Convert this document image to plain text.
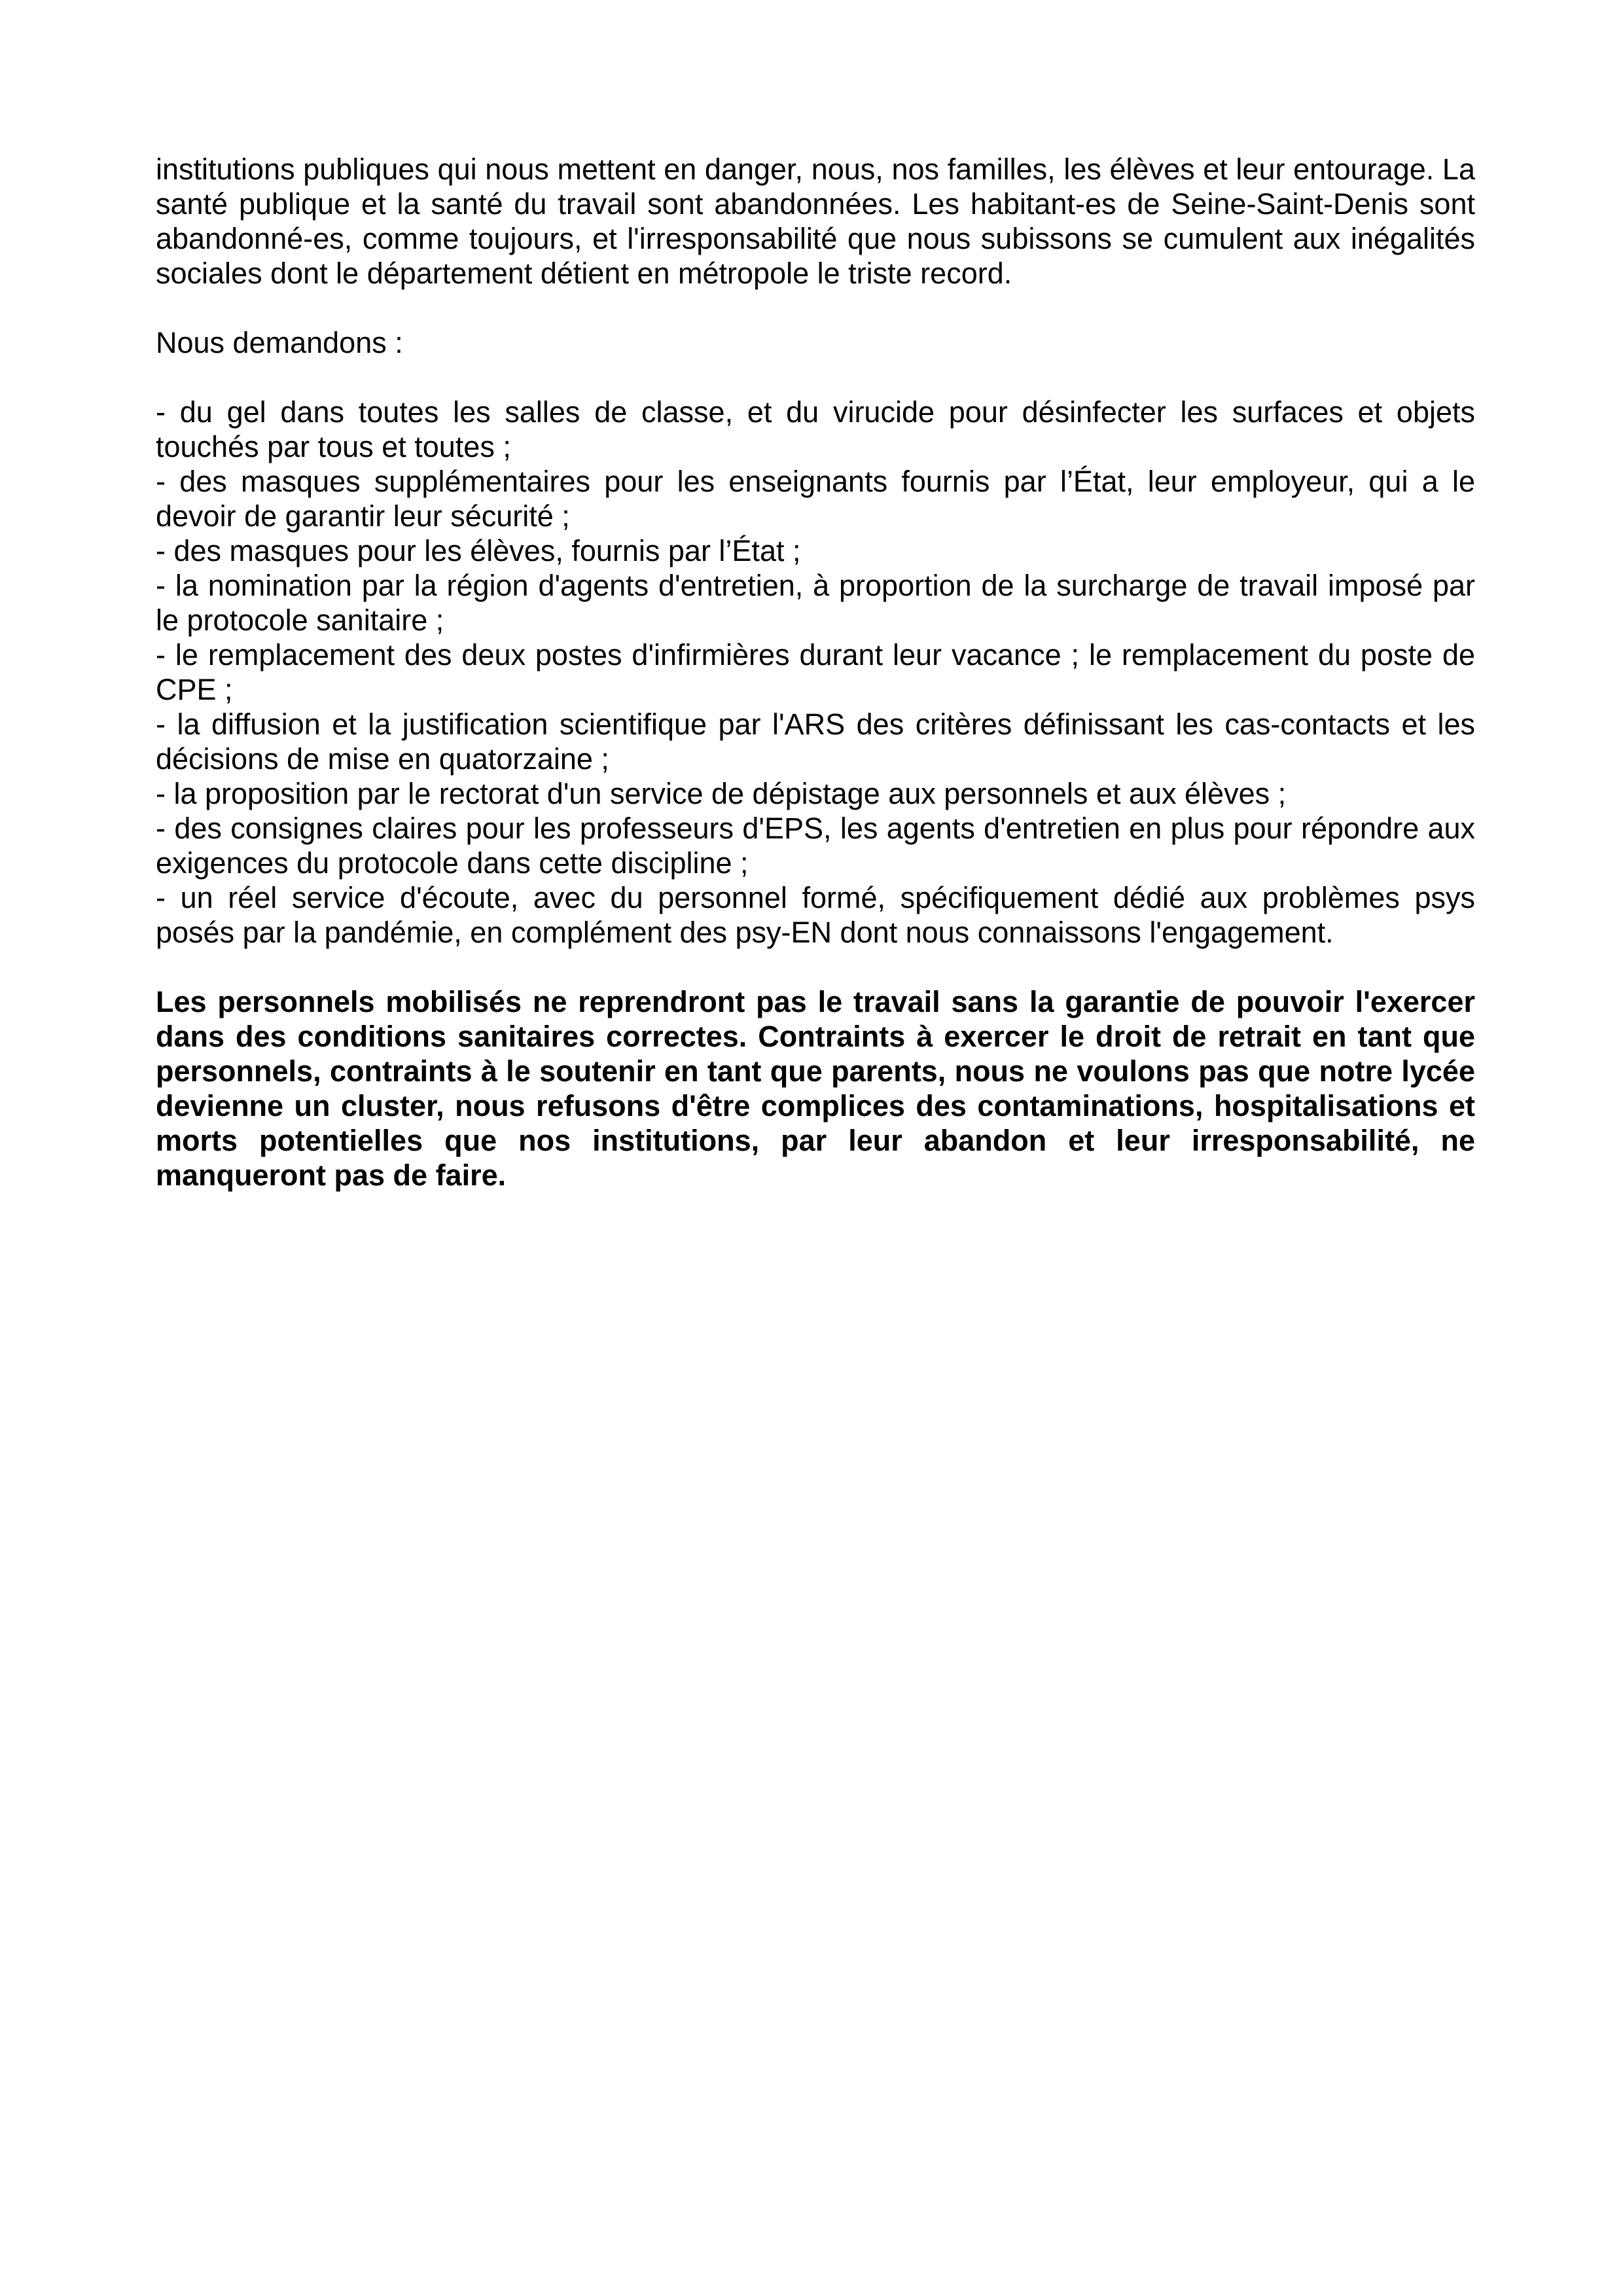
institutions publiques qui nous mettent en danger, nous, nos familles, les élèves et leur entourage. La santé publique et la santé du travail sont abandonnées. Les habitant-es de Seine-Saint-Denis sont abandonné-es, comme toujours, et l'irresponsabilité que nous subissons se cumulent aux inégalités sociales dont le département détient en métropole le triste record.

Nous demandons :

- du gel dans toutes les salles de classe, et du virucide pour désinfecter les surfaces et objets touchés par tous et toutes ;

- des masques supplémentaires pour les enseignants fournis par l’État, leur employeur, qui a le devoir de garantir leur sécurité ;

- des masques pour les élèves, fournis par l’État ;

- la nomination par la région d'agents d'entretien, à proportion de la surcharge de travail imposé par le protocole sanitaire ;

- le remplacement des deux postes d'infirmières durant leur vacance ; le remplacement du poste de CPE ;

- la diffusion et la justification scientifique par l'ARS des critères définissant les cas-contacts et les décisions de mise en quatorzaine ;

- la proposition par le rectorat d'un service de dépistage aux personnels et aux élèves ;

- des consignes claires pour les professeurs d'EPS, les agents d'entretien en plus pour répondre aux exigences du protocole dans cette discipline ;

- un réel service d'écoute, avec du personnel formé, spécifiquement dédié aux problèmes psys posés par la pandémie, en complément des psy-EN dont nous connaissons l'engagement.

Les personnels mobilisés ne reprendront pas le travail sans la garantie de pouvoir l'exercer dans des conditions sanitaires correctes. Contraints à exercer le droit de retrait en tant que personnels, contraints à le soutenir en tant que parents, nous ne voulons pas que notre lycée devienne un cluster, nous refusons d'être complices des contaminations, hospitalisations et morts potentielles que nos institutions, par leur abandon et leur irresponsabilité, ne manqueront pas de faire.
